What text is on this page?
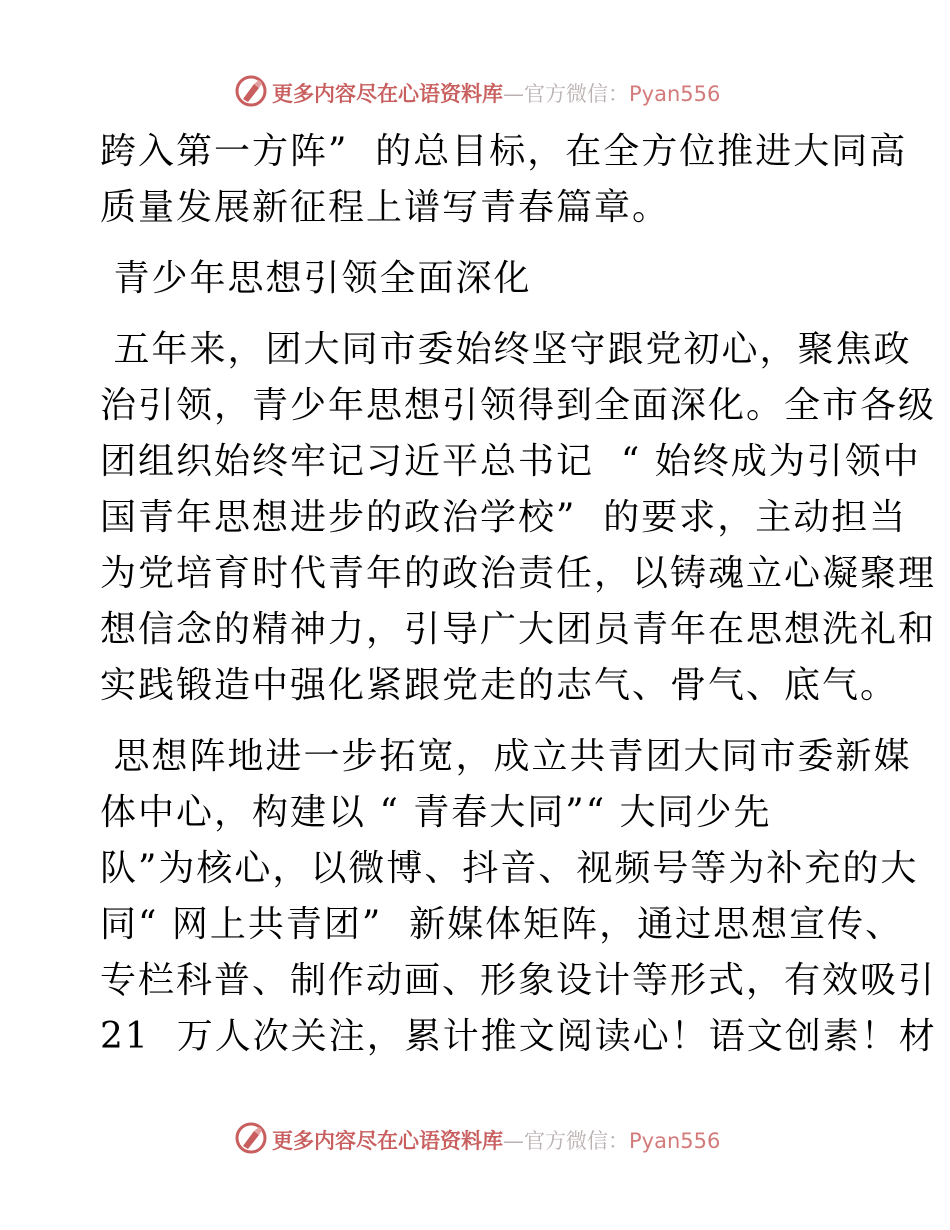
更多内容尽在心语资料库—官方微信：Pyan556
跨入第一方阵”  的总目标，在全方位推进大同高
质量发展新征程上谱写青春篇章。
青少年思想引领全面深化
五年来，团大同市委始终坚守跟党初心，聚焦政
治引领，青少年思想引领得到全面深化。全市各级
团组织始终牢记习近平总书记  “ 始终成为引领中
国青年思想进步的政治学校”  的要求，主动担当
为党培育时代青年的政治责任，以铸魂立心凝聚理
想信念的精神力，引导广大团员青年在思想洗礼和
实践锻造中强化紧跟党走的志气、骨气、底气。
思想阵地进一步拓宽，成立共青团大同市委新媒
体中心，构建以 “ 青春大同”“ 大同少先
队”为核心，以微博、抖音、视频号等为补充的大
同“ 网上共青团”  新媒体矩阵，通过思想宣传、
专栏科普、制作动画、形象设计等形式，有效吸引
21  万人次关注，累计推文阅读心！语文创素！材
更多内容尽在心语资料库—官方微信：Pyan556
